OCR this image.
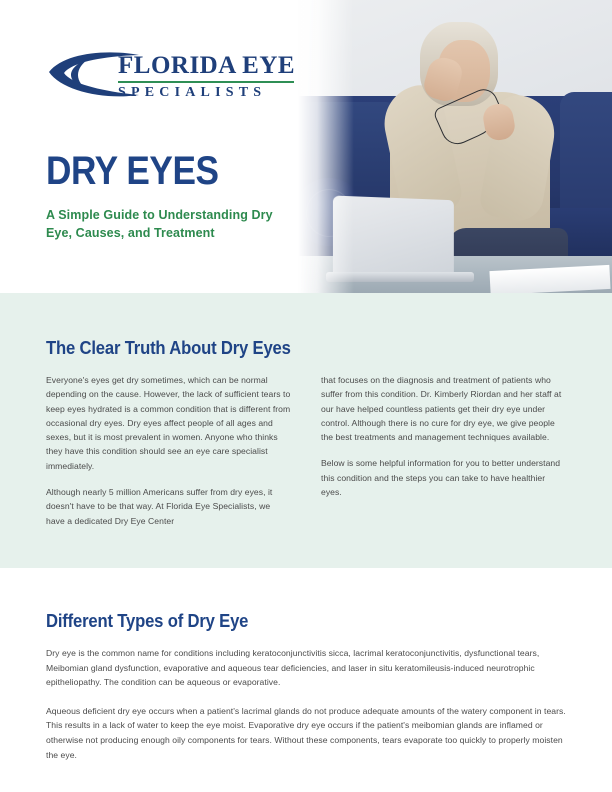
FLORIDA EYE
SPECIALISTS
DRY EYES

A Simple Guide to Understanding Dry Eye, Causes, and Treatment

The Clear Truth About Dry Eyes

Everyone's eyes get dry sometimes, which can be normal depending on the cause. However, the lack of sufficient tears to keep eyes hydrated is a common condition that is different from occasional dry eyes. Dry eyes affect people of all ages and sexes, but it is most prevalent in women. Anyone who thinks they have this condition should see an eye care specialist immediately.

Although nearly 5 million Americans suffer from dry eyes, it doesn't have to be that way. At Florida Eye Specialists, we have a dedicated Dry Eye Center

that focuses on the diagnosis and treatment of patients who suffer from this condition. Dr. Kimberly Riordan and her staff at our have helped countless patients get their dry eye under control. Although there is no cure for dry eye, we give people the best treatments and management techniques available.

Below is some helpful information for you to better understand this condition and the steps you can take to have healthier eyes.

Different Types of Dry Eye

Dry eye is the common name for conditions including keratoconjunctivitis sicca, lacrimal keratoconjunctivitis, dysfunctional tears, Meibomian gland dysfunction, evaporative and aqueous tear deficiencies, and laser in situ keratomileusis-induced neurotrophic epitheliopathy. The condition can be aqueous or evaporative.

Aqueous deficient dry eye occurs when a patient's lacrimal glands do not produce adequate amounts of the watery component in tears. This results in a lack of water to keep the eye moist. Evaporative dry eye occurs if the patient's meibomian glands are inflamed or otherwise not producing enough oily components for tears. Without these components, tears evaporate too quickly to properly moisten the eye.
